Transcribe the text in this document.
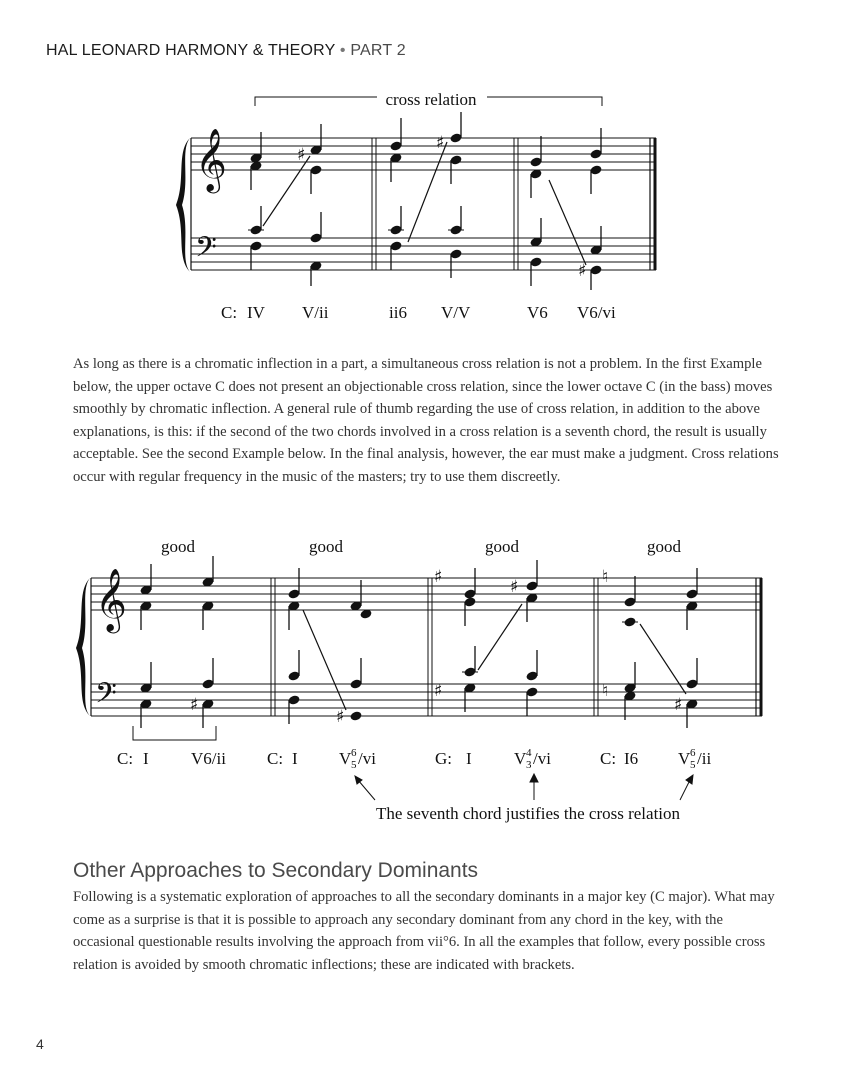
HAL LEONARD HARMONY & THEORY • PART 2
cross relation
𝄞
𝄢
♯
♯
♯
C: IV V/ii	ii6 V/V	V6 V6/vi
As long as there is a chromatic inflection in a part, a simultaneous cross relation is not a problem. In the first Example below, the upper octave C does not present an objectionable cross relation, since the lower octave C (in the bass) moves smoothly by chromatic inflection. A general rule of thumb regarding the use of cross relation, in addition to the above explanations, is this: if the second of the two chords involved in a cross relation is a seventh chord, the result is usually acceptable. See the second Example below. In the final analysis, however, the ear must make a judgment. Cross relations occur with regular frequency in the music of the masters; try to use them discreetly.
good	good	good	good
𝄞
𝄢
♯
♯
♮
♮
♯
♯
♯
♯
C: I V6/ii C: I V 6
5 /vi	G: I V 4
3 /vi	C: I6 V 6
5 /ii
The seventh chord justifies the cross relation
Other Approaches to Secondary Dominants
Following is a systematic exploration of approaches to all the secondary dominants in a major key (C major). What may come as a surprise is that it is possible to approach any secondary dominant from any chord in the key, with the occasional questionable results involving the approach from vii°6. In all the examples that follow, every possible cross relation is avoided by smooth chromatic inflections; these are indicated with brackets.
4
